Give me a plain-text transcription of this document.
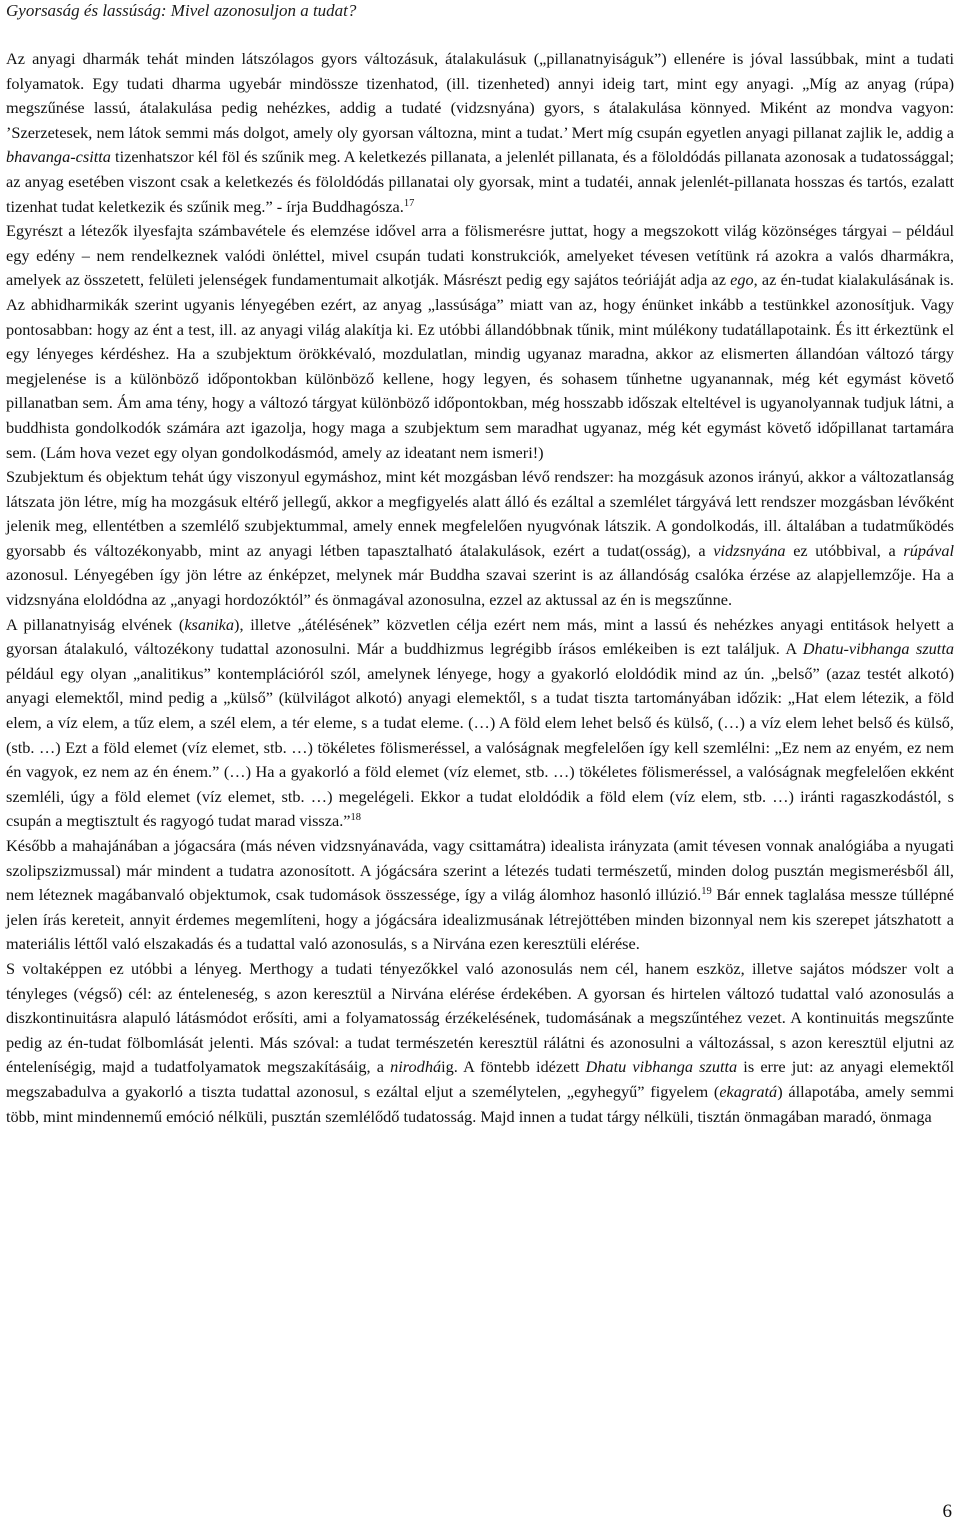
Gyorsaság és lassúság: Mivel azonosuljon a tudat?

Az anyagi dharmák tehát minden látszólagos gyors változásuk, átalakulásuk („pillanatnyiságuk”) ellenére is jóval lassúbbak, mint a tudati folyamatok. Egy tudati dharma ugyebár mindössze tizenhatod, (ill. tizenheted) annyi ideig tart, mint egy anyagi. „Míg az anyag (rúpa) megszűnése lassú, átalakulása pedig nehézkes, addig a tudaté (vidzsnyána) gyors, s átalakulása könnyed. Miként az mondva vagyon: ’Szerzetesek, nem látok semmi más dolgot, amely oly gyorsan változna, mint a tudat.’ Mert míg csupán egyetlen anyagi pillanat zajlik le, addig a bhavanga-csitta tizenhatszor kél föl és szűnik meg. A keletkezés pillanata, a jelenlét pillanata, és a föloldódás pillanata azonosak a tudatossággal; az anyag esetében viszont csak a keletkezés és föloldódás pillanatai oly gyorsak, mint a tudatéi, annak jelenlét-pillanata hosszas és tartós, ezalatt tizenhat tudat keletkezik és szűnik meg.” - írja Buddhagósza.$^{17}$

Egyrészt a létezők ilyesfajta számbavétele és elemzése idővel arra a fölismerésre juttat, hogy a megszokott világ közönséges tárgyai – például egy edény – nem rendelkeznek valódi önléttel, mivel csupán tudati konstrukciók, amelyeket tévesen vetítünk rá azokra a valós dharmákra, amelyek az összetett, felületi jelenségek fundamentumait alkotják. Másrészt pedig egy sajátos teóriáját adja az ego, az én-tudat kialakulásának is. Az abhidharmikák szerint ugyanis lényegében ezért, az anyag „lassúsága” miatt van az, hogy énünket inkább a testünkkel azonosítjuk. Vagy pontosabban: hogy az ént a test, ill. az anyagi világ alakítja ki. Ez utóbbi állandóbbnak tűnik, mint múlékony tudatállapotaink. És itt érkeztünk el egy lényeges kérdéshez. Ha a szubjektum örökkévaló, mozdulatlan, mindig ugyanaz maradna, akkor az elismerten állandóan változó tárgy megjelenése is a különböző időpontokban különböző kellene, hogy legyen, és sohasem tűnhetne ugyanannak, még két egymást követő pillanatban sem. Ám ama tény, hogy a változó tárgyat különböző időpontokban, még hosszabb időszak elteltével is ugyanolyannak tudjuk látni, a buddhista gondolkodók számára azt igazolja, hogy maga a szubjektum sem maradhat ugyanaz, még két egymást követő időpillanat tartamára sem. (Lám hova vezet egy olyan gondolkodásmód, amely az ideatant nem ismeri!)

Szubjektum és objektum tehát úgy viszonyul egymáshoz, mint két mozgásban lévő rendszer: ha mozgásuk azonos irányú, akkor a változatlanság látszata jön létre, míg ha mozgásuk eltérő jellegű, akkor a megfigyelés alatt álló és ezáltal a szemlélet tárgyává lett rendszer mozgásban lévőként jelenik meg, ellentétben a szemlélő szubjektummal, amely ennek megfelelően nyugvónak látszik. A gondolkodás, ill. általában a tudatműködés gyorsabb és változékonyabb, mint az anyagi létben tapasztalható átalakulások, ezért a tudat(osság), a vidzsnyána ez utóbbival, a rúpával azonosul. Lényegében így jön létre az énképzet, melynek már Buddha szavai szerint is az állandóság csalóka érzése az alapjellemzője. Ha a vidzsnyána eloldódna az „anyagi hordozóktól” és önmagával azonosulna, ezzel az aktussal az én is megszűnne.

A pillanatnyiság elvének (ksanika), illetve „átélésének” közvetlen célja ezért nem más, mint a lassú és nehézkes anyagi entitások helyett a gyorsan átalakuló, változékony tudattal azonosulni. Már a buddhizmus legrégibb írásos emlékeiben is ezt találjuk. A Dhatu-vibhanga szutta például egy olyan „analitikus” kontemplációról szól, amelynek lényege, hogy a gyakorló eloldódik mind az ún. „belső” (azaz testét alkotó) anyagi elemektől, mind pedig a „külső” (külvilágot alkotó) anyagi elemektől, s a tudat tiszta tartományában időzik: „Hat elem létezik, a föld elem, a víz elem, a tűz elem, a szél elem, a tér eleme, s a tudat eleme. (…) A föld elem lehet belső és külső, (…) a víz elem lehet belső és külső, (stb. …) Ezt a föld elemet (víz elemet, stb. …) tökéletes fölismeréssel, a valóságnak megfelelően így kell szemlélni: „Ez nem az enyém, ez nem én vagyok, ez nem az én énem.” (…) Ha a gyakorló a föld elemet (víz elemet, stb. …) tökéletes fölismeréssel, a valóságnak megfelelően ekként szemléli, úgy a föld elemet (víz elemet, stb. …) megelégeli. Ekkor a tudat eloldódik a föld elem (víz elem, stb. …) iránti ragaszkodástól, s csupán a megtisztult és ragyogó tudat marad vissza.”$^{18}$

Később a mahajánában a jógacsára (más néven vidzsnyánaváda, vagy csittamátra) idealista irányzata (amit tévesen vonnak analógiába a nyugati szolipszizmussal) már mindent a tudatra azonosított. A jógácsára szerint a létezés tudati természetű, minden dolog pusztán megismerésből áll, nem léteznek magábanvaló objektumok, csak tudomások összessége, így a világ álomhoz hasonló illúzió.$^{19}$ Bár ennek taglalása messze túllépné jelen írás kereteit, annyit érdemes megemlíteni, hogy a jógácsára idealizmusának létrejöttében minden bizonnyal nem kis szerepet játszhatott a materiális léttől való elszakadás és a tudattal való azonosulás, s a Nirvána ezen keresztüli elérése.

S voltaképpen ez utóbbi a lényeg. Merthogy a tudati tényezőkkel való azonosulás nem cél, hanem eszköz, illetve sajátos módszer volt a tényleges (végső) cél: az énteleneség, s azon keresztül a Nirvána elérése érdekében. A gyorsan és hirtelen változó tudattal való azonosulás a diszkontinuitásra alapuló látásmódot erősíti, ami a folyamatosság érzékelésének, tudomásának a megszűntéhez vezet. A kontinuitás megszűnte pedig az én-tudat fölbomlását jelenti. Más szóval: a tudat természetén keresztül rálátni és azonosulni a változással, s azon keresztül eljutni az énteleníségig, majd a tudatfolyamatok megszakításáig, a nirodháig. A föntebb idézett Dhatu vibhanga szutta is erre jut: az anyagi elemektől megszabadulva a gyakorló a tiszta tudattal azonosul, s ezáltal eljut a személytelen, „egyhegyű” figyelem (ekagratá) állapotába, amely semmi több, mint mindennemű emóció nélküli, pusztán szemlélődő tudatosság. Majd innen a tudat tárgy nélküli, tisztán önmagában maradó, önmaga

6
